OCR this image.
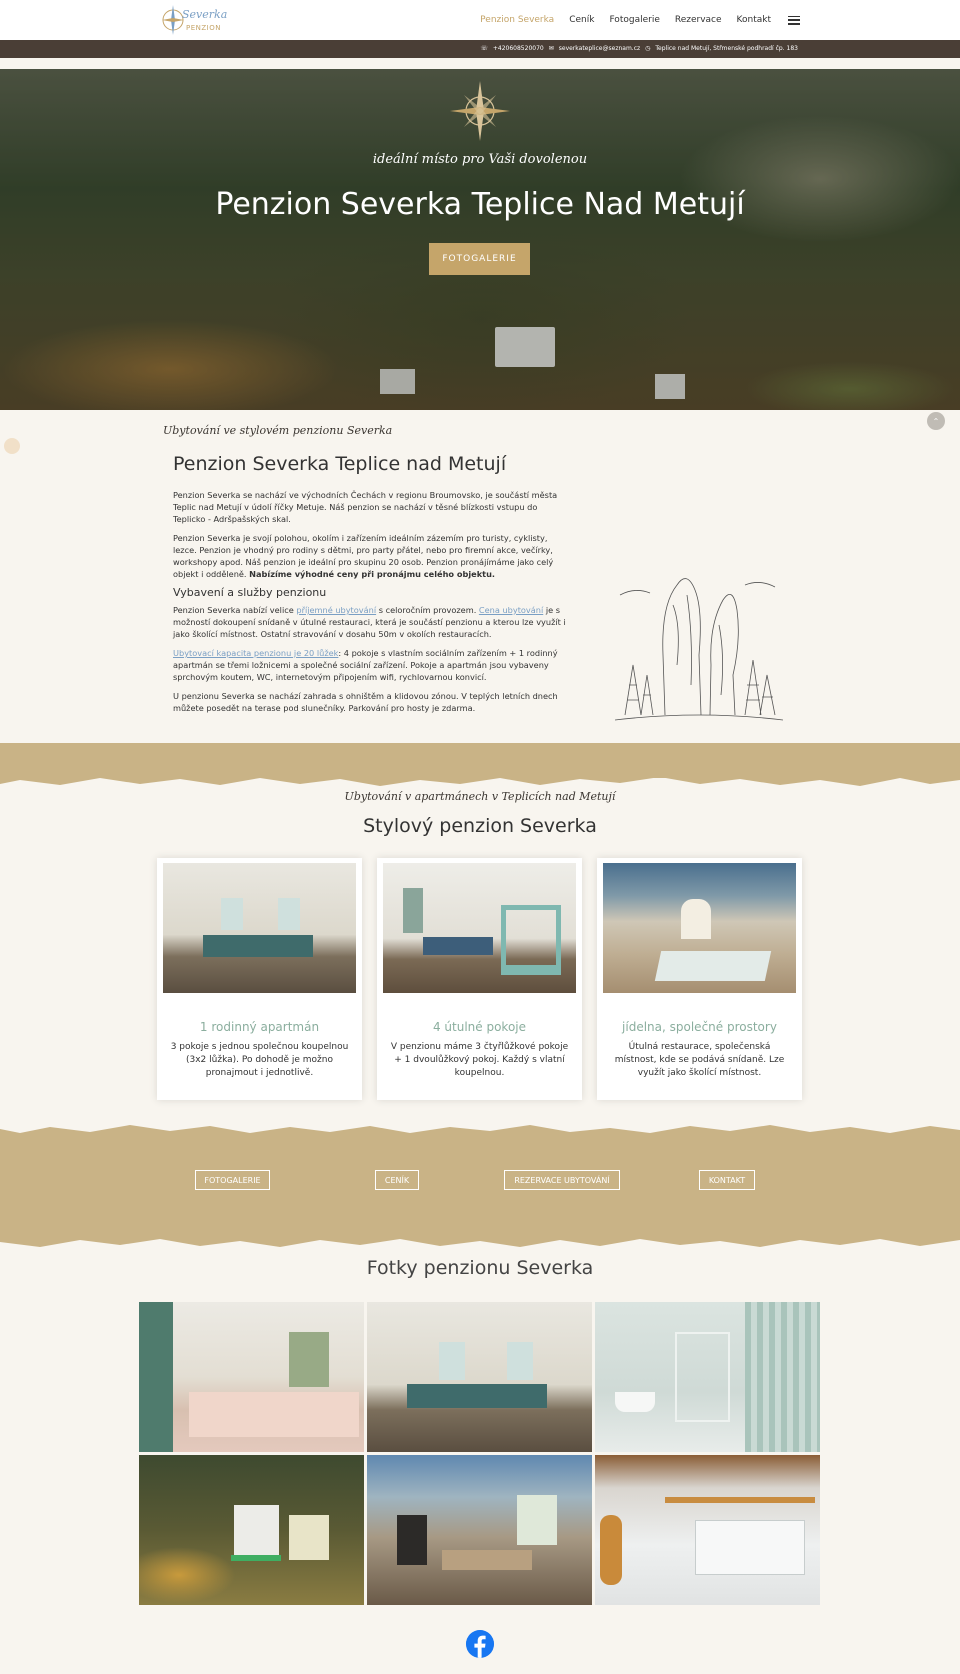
Severka
PENZION
Penzion Severka Ceník Fotogalerie Rezervace Kontakt
☏ +420608520070 ✉ severkateplice@seznam.cz ◷ Teplice nad Metují, Střmenské podhradí čp. 183
ideální místo pro Vaši dovolenou
Penzion Severka Teplice Nad Metují
FOTOGALERIE
⌃
Ubytování ve stylovém penzionu Severka
Penzion Severka Teplice nad Metují

Penzion Severka se nachází ve východních Čechách v regionu Broumovsko, je součástí města Teplic nad Metují v údolí říčky Metuje. Náš penzion se nachází v těsné blízkosti vstupu do Teplicko - Adršpašských skal.

Penzion Severka je svojí polohou, okolím i zařízením ideálním zázemím pro turisty, cyklisty, lezce. Penzion je vhodný pro rodiny s dětmi, pro party přátel, nebo pro firemní akce, večírky, workshopy apod. Náš penzion je ideální pro skupinu 20 osob. Penzion pronájímáme jako celý objekt i odděleně. Nabízíme výhodné ceny při pronájmu celého objektu.

Vybavení a služby penzionu

Penzion Severka nabízí velice příjemné ubytování s celoročním provozem. Cena ubytování je s možností dokoupení snídaně v útulné restauraci, která je součástí penzionu a kterou lze využít i jako školící místnost. Ostatní stravování v dosahu 50m v okolích restauracích.

Ubytovací kapacita penzionu je 20 lůžek: 4 pokoje s vlastním sociálním zařízením + 1 rodinný apartmán se třemi ložnicemi a společné sociální zařízení. Pokoje a apartmán jsou vybaveny sprchovým koutem, WC, internetovým připojením wifi, rychlovarnou konvicí.

U penzionu Severka se nachází zahrada s ohništěm a klidovou zónou. V teplých letních dnech můžete posedět na terase pod slunečníky. Parkování pro hosty je zdarma.

Ubytování v apartmánech v Teplicích nad Metují
Stylový penzion Severka
1 rodinný apartmán
3 pokoje s jednou společnou koupelnou (3x2 lůžka). Po dohodě je možno pronajmout i jednotlivě.
4 útulné pokoje
V penzionu máme 3 čtyřlůžkové pokoje + 1 dvoulůžkový pokoj. Každý s vlatní koupelnou.
jídelna, společné prostory
Útulná restaurace, společenská místnost, kde se podává snídaně. Lze využít jako školící místnost.
FOTOGALERIE	CENÍK	REZERVACE UBYTOVÁNÍ	KONTAKT
Fotky penzionu Severka
